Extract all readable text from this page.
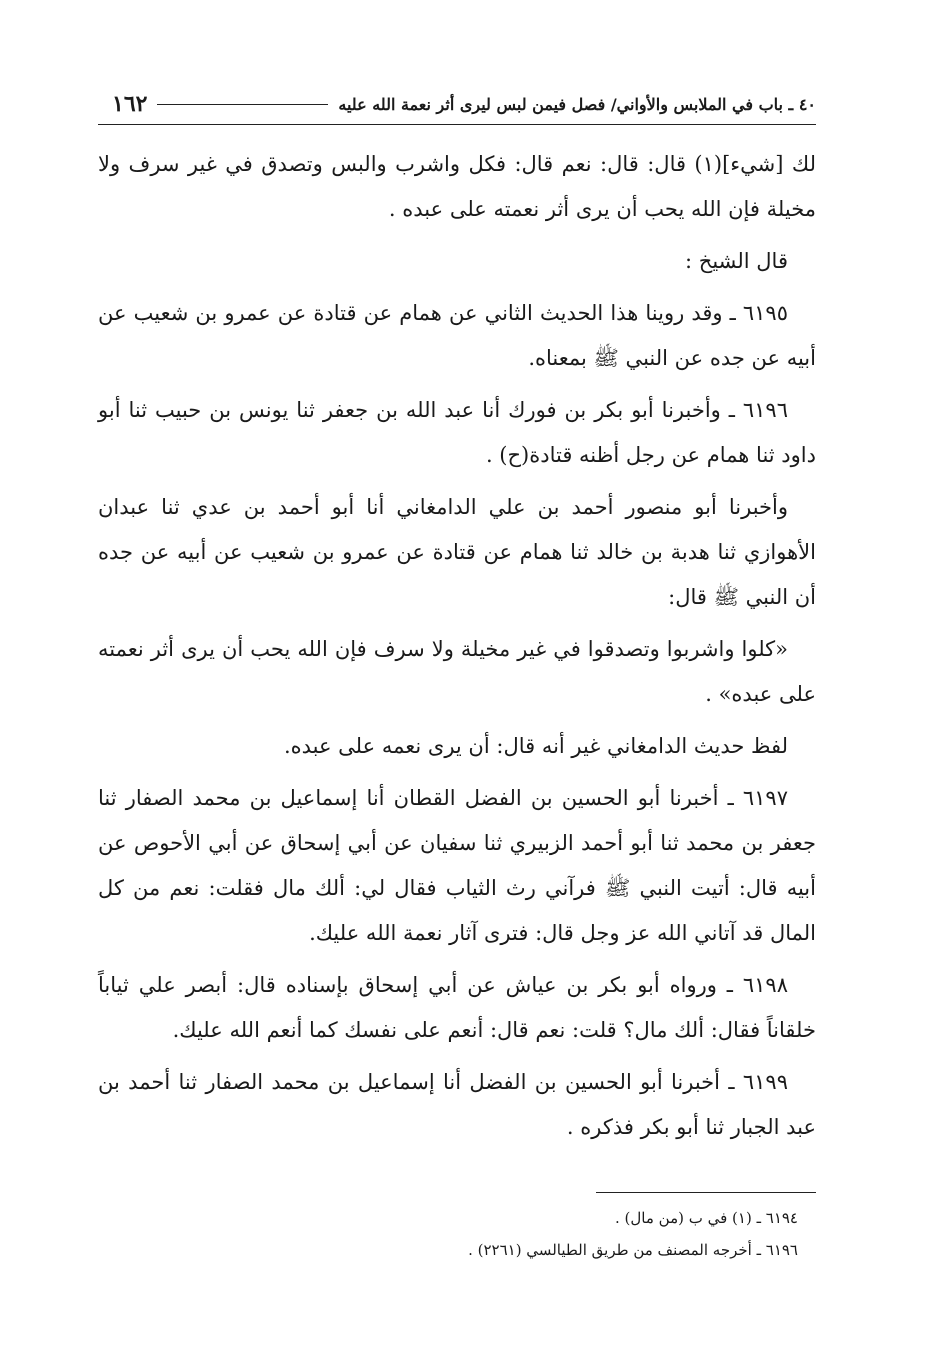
١٦٢	٤٠ ـ باب في الملابس والأواني/ فصل فيمن لبس ليرى أثر نعمة الله عليه

لك [شيء](١) قال: قال: نعم قال: فكل واشرب والبس وتصدق في غير سرف ولا مخيلة فإن الله يحب أن يرى أثر نعمته على عبده .

قال الشيخ :

٦١٩٥ ـ وقد روينا هذا الحديث الثاني عن همام عن قتادة عن عمرو بن شعيب عن أبيه عن جده عن النبي ﷺ بمعناه.

٦١٩٦ ـ وأخبرنا أبو بكر بن فورك أنا عبد الله بن جعفر ثنا يونس بن حبيب ثنا أبو داود ثنا همام عن رجل أظنه قتادة(ح) .

وأخبرنا أبو منصور أحمد بن علي الدامغاني أنا أبو أحمد بن عدي ثنا عبدان الأهوازي ثنا هدبة بن خالد ثنا همام عن قتادة عن عمرو بن شعيب عن أبيه عن جده أن النبي ﷺ قال:

«كلوا واشربوا وتصدقوا في غير مخيلة ولا سرف فإن الله يحب أن يرى أثر نعمته على عبده» .

لفظ حديث الدامغاني غير أنه قال: أن يرى نعمه على عبده.

٦١٩٧ ـ أخبرنا أبو الحسين بن الفضل القطان أنا إسماعيل بن محمد الصفار ثنا جعفر بن محمد ثنا أبو أحمد الزبيري ثنا سفيان عن أبي إسحاق عن أبي الأحوص عن أبيه قال: أتيت النبي ﷺ فرآني رث الثياب فقال لي: ألك مال فقلت: نعم من كل المال قد آتاني الله عز وجل قال: فترى آثار نعمة الله عليك.

٦١٩٨ ـ ورواه أبو بكر بن عياش عن أبي إسحاق بإسناده قال: أبصر علي ثياباً خلقاناً فقال: ألك مال؟ قلت: نعم قال: أنعم على نفسك كما أنعم الله عليك.

٦١٩٩ ـ أخبرنا أبو الحسين بن الفضل أنا إسماعيل بن محمد الصفار ثنا أحمد بن عبد الجبار ثنا أبو بكر فذكره .

٦١٩٤ ـ (١) في ب (من مال) .

٦١٩٦ ـ أخرجه المصنف من طريق الطيالسي (٢٢٦١) .
